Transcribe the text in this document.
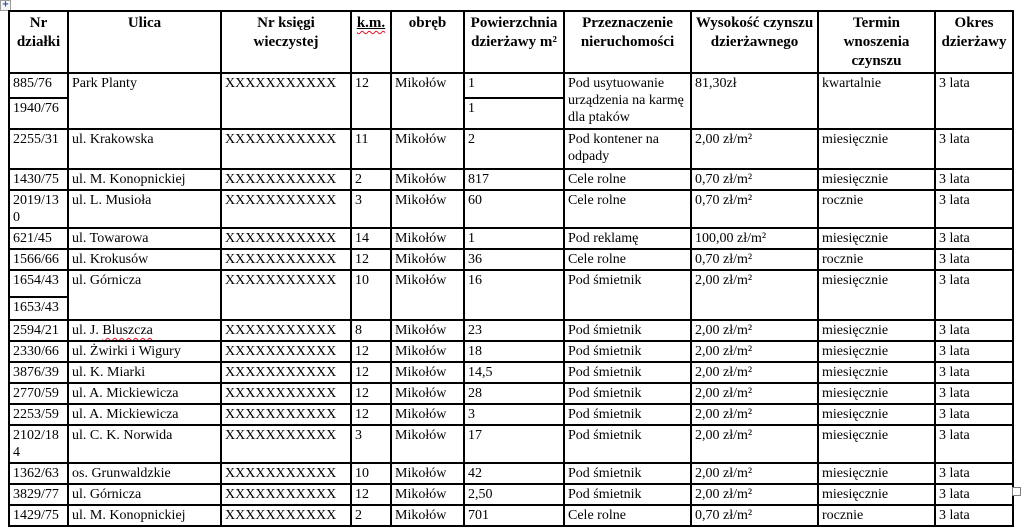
+
Nr działki	Ulica	Nr księgi wieczystej	k.m.	obręb	Powierzchnia dzierżawy m²	Przeznaczenie nieruchomości	Wysokość czynszu dzierżawnego	Termin wnoszenia czynszu	Okres dzierżawy
885/76	Park Planty	XXXXXXXXXXX	12	Mikołów	1	Pod usytuowanie urządzenia na karmę dla ptaków	81,30zł	kwartalnie	3 lata
1940/76					1				
2255/31	ul. Krakowska	XXXXXXXXXXX	11	Mikołów	2	Pod kontener na odpady	2,00 zł/m²	miesięcznie	3 lata
1430/75	ul. M. Konopnickiej	XXXXXXXXXXX	2	Mikołów	817	Cele rolne	0,70 zł/m²	miesięcznie	3 lata
2019/130	ul. L. Musioła	XXXXXXXXXXX	3	Mikołów	60	Cele rolne	0,70 zł/m²	rocznie	3 lata
621/45	ul. Towarowa	XXXXXXXXXXX	14	Mikołów	1	Pod reklamę	100,00 zł/m²	miesięcznie	3 lata
1566/66	ul. Krokusów	XXXXXXXXXXX	12	Mikołów	36	Cele rolne	0,70 zł/m²	rocznie	3 lata
1654/43	ul. Górnicza	XXXXXXXXXXX	10	Mikołów	16	Pod śmietnik	2,00 zł/m²	miesięcznie	3 lata
1653/43									
2594/21	ul. J. Bluszcza	XXXXXXXXXXX	8	Mikołów	23	Pod śmietnik	2,00 zł/m²	miesięcznie	3 lata
2330/66	ul. Żwirki i Wigury	XXXXXXXXXXX	12	Mikołów	18	Pod śmietnik	2,00 zł/m²	miesięcznie	3 lata
3876/39	ul. K. Miarki	XXXXXXXXXXX	12	Mikołów	14,5	Pod śmietnik	2,00 zł/m²	miesięcznie	3 lata
2770/59	ul. A. Mickiewicza	XXXXXXXXXXX	12	Mikołów	28	Pod śmietnik	2,00 zł/m²	miesięcznie	3 lata
2253/59	ul. A. Mickiewicza	XXXXXXXXXXX	12	Mikołów	3	Pod śmietnik	2,00 zł/m²	miesięcznie	3 lata
2102/184	ul. C. K. Norwida	XXXXXXXXXXX	3	Mikołów	17	Pod śmietnik	2,00 zł/m²	miesięcznie	3 lata
1362/63	os. Grunwaldzkie	XXXXXXXXXXX	10	Mikołów	42	Pod śmietnik	2,00 zł/m²	miesięcznie	3 lata
3829/77	ul. Górnicza	XXXXXXXXXXX	12	Mikołów	2,50	Pod śmietnik	2,00 zł/m²	miesięcznie	3 lata
1429/75	ul. M. Konopnickiej	XXXXXXXXXXX	2	Mikołów	701	Cele rolne	0,70 zł/m²	rocznie	3 lata
